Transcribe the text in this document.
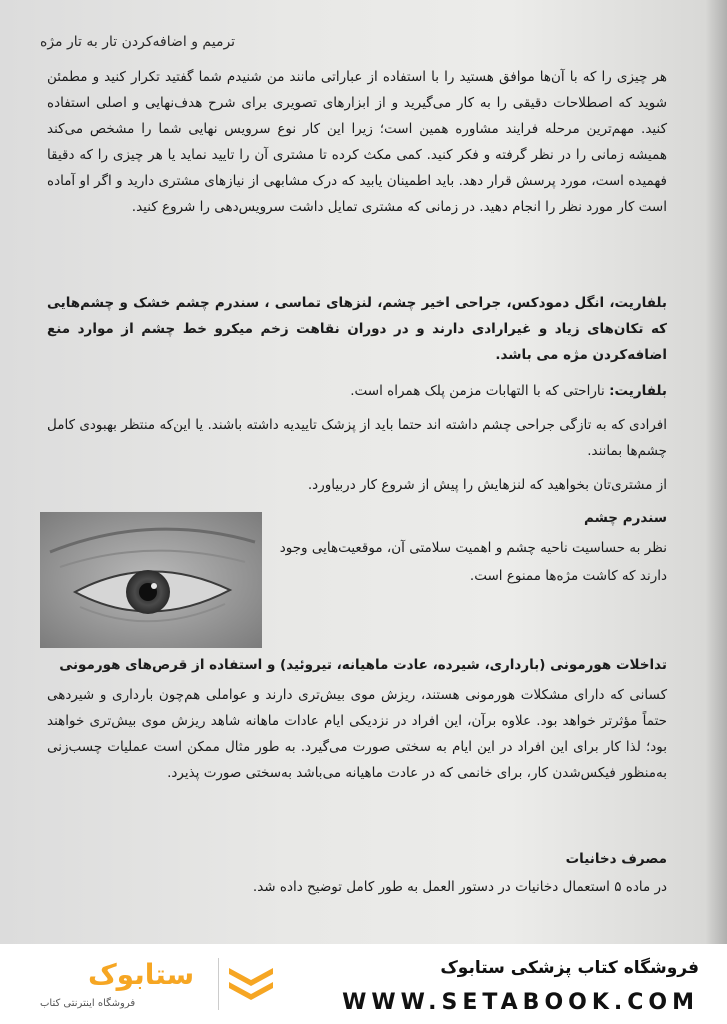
ترمیم و اضافه‌کردن تار به تار مژه
هر چیزی را که با آن‌ها موافق هستید را با استفاده از عباراتی مانند من شنیدم شما گفتید تکرار کنید و مطمئن شوید که اصطلاحات دقیقی را به کار می‌گیرید و از ابزارهای تصویری برای شرح هدف‌نهایی و اصلی استفاده کنید. مهم‌ترین مرحله فرایند مشاوره همین است؛ زیرا این کار نوع سرویس نهایی شما را مشخص می‌کند همیشه زمانی را در نظر گرفته و فکر کنید. کمی مکث کرده تا مشتری آن را تایید نماید یا هر چیزی را که دقیقا فهمیده است، مورد پرسش قرار دهد. باید اطمینان یابید که درک مشابهی از نیازهای مشتری دارید و اگر او آماده است کار مورد نظر را انجام دهید. در زمانی که مشتری تمایل داشت سرویس‌دهی را شروع کنید.
بلفاریت، انگل دمودکس، جراحی اخیر چشم، لنزهای تماسی ، سندرم چشم خشک و چشم‌هایی که تکان‌های زیاد و غیرارادی دارند و در دوران نقاهت زخم میکرو خط چشم از موارد منع اضافه‌کردن مژه می باشد.
بلفاریت: ناراحتی که با التهابات مزمن پلک همراه است.
افرادی که به تازگی جراحی چشم داشته اند حتما باید از پزشک تاییدیه داشته باشند. یا این‌که منتظر بهبودی کامل چشم‌ها بمانند.
از مشتری‌تان بخواهید که لنزهایش را پیش از شروع کار دربیاورد.
سندرم چشم
نظر به حساسیت ناحیه چشم و اهمیت سلامتی آن، موقعیت‌هایی وجود دارند که کاشت مژه‌ها ممنوع است.
تداخلات هورمونی (بارداری، شیرده، عادت ماهیانه، تیروئید) و استفاده از قرص‌های هورمونی
کسانی که دارای مشکلات هورمونی هستند، ریزش موی بیش‌تری دارند و عواملی هم‌چون بارداری و شیردهی حتماً مؤثرتر خواهد بود. علاوه برآن، این افراد در نزدیکی ایام عادات ماهانه شاهد ریزش موی بیش‌تری خواهند بود؛ لذا کار برای این افراد در این ایام به سختی صورت می‌گیرد. به طور مثال ممکن است عملیات چسب‌زنی به‌منظور فیکس‌شدن کار، برای خانمی که در عادت ماهیانه می‌باشد به‌سختی صورت پذیرد.
مصرف دخانیات
در ماده ۵ استعمال دخانیات در دستور العمل به طور کامل توضیح داده شد.
فروشگاه کتاب پزشکی ستابوک
WWW.SETABOOK.COM
ستابوک
فروشگاه اینترنتی کتاب
